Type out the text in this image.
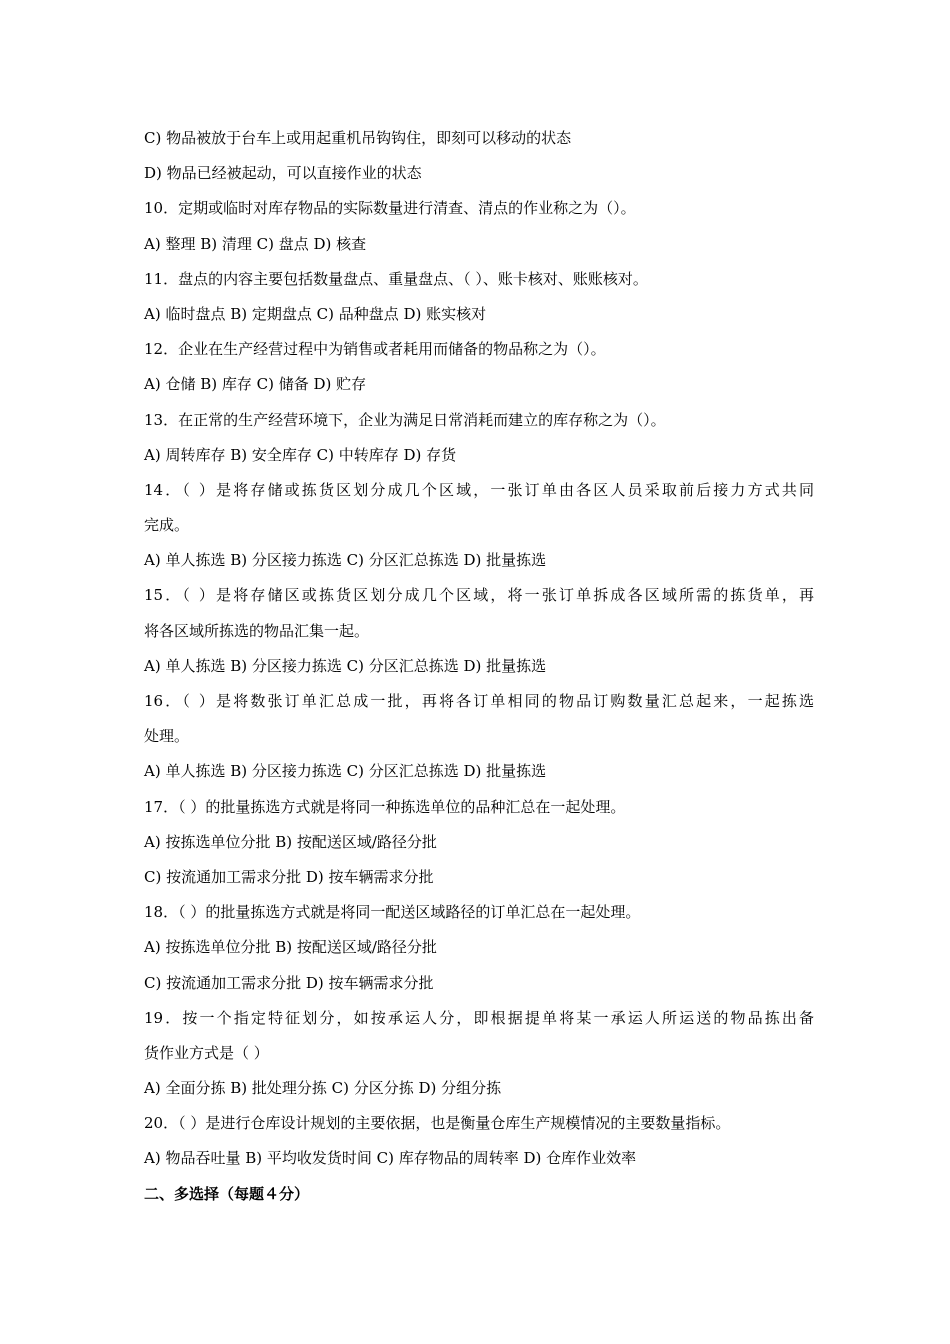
C) 物品被放于台车上或用起重机吊钩钩住，即刻可以移动的状态
D) 物品已经被起动，可以直接作业的状态
10．定期或临时对库存物品的实际数量进行清查、清点的作业称之为（）。
A) 整理 B) 清理 C) 盘点 D) 核查
11．盘点的内容主要包括数量盘点、重量盘点、（ ）、账卡核对、账账核对。
A) 临时盘点 B) 定期盘点 C) 品种盘点 D) 账实核对
12．企业在生产经营过程中为销售或者耗用而储备的物品称之为（）。
A) 仓储 B) 库存 C) 储备 D) 贮存
13．在正常的生产经营环境下，企业为满足日常消耗而建立的库存称之为（）。
A) 周转库存 B) 安全库存 C) 中转库存 D) 存货
14．（ ）是将存储或拣货区划分成几个区域，一张订单由各区人员采取前后接力方式共同
完成。
A) 单人拣选 B) 分区接力拣选 C) 分区汇总拣选 D) 批量拣选
15．（ ）是将存储区或拣货区划分成几个区域，将一张订单拆成各区域所需的拣货单，再
将各区域所拣选的物品汇集一起。
A) 单人拣选 B) 分区接力拣选 C) 分区汇总拣选 D) 批量拣选
16．（ ）是将数张订单汇总成一批，再将各订单相同的物品订购数量汇总起来，一起拣选
处理。
A) 单人拣选 B) 分区接力拣选 C) 分区汇总拣选 D) 批量拣选
17．（ ）的批量拣选方式就是将同一种拣选单位的品种汇总在一起处理。
A) 按拣选单位分批 B) 按配送区域/路径分批
C) 按流通加工需求分批 D) 按车辆需求分批
18．（ ）的批量拣选方式就是将同一配送区域路径的订单汇总在一起处理。
A) 按拣选单位分批 B) 按配送区域/路径分批
C) 按流通加工需求分批 D) 按车辆需求分批
19．按一个指定特征划分，如按承运人分，即根据提单将某一承运人所运送的物品拣出备
货作业方式是（ ）
A) 全面分拣 B) 批处理分拣 C) 分区分拣 D) 分组分拣
20．（ ）是进行仓库设计规划的主要依据，也是衡量仓库生产规模情况的主要数量指标。
A) 物品吞吐量 B) 平均收发货时间 C) 库存物品的周转率 D) 仓库作业效率
二、多选择（每题４分）
